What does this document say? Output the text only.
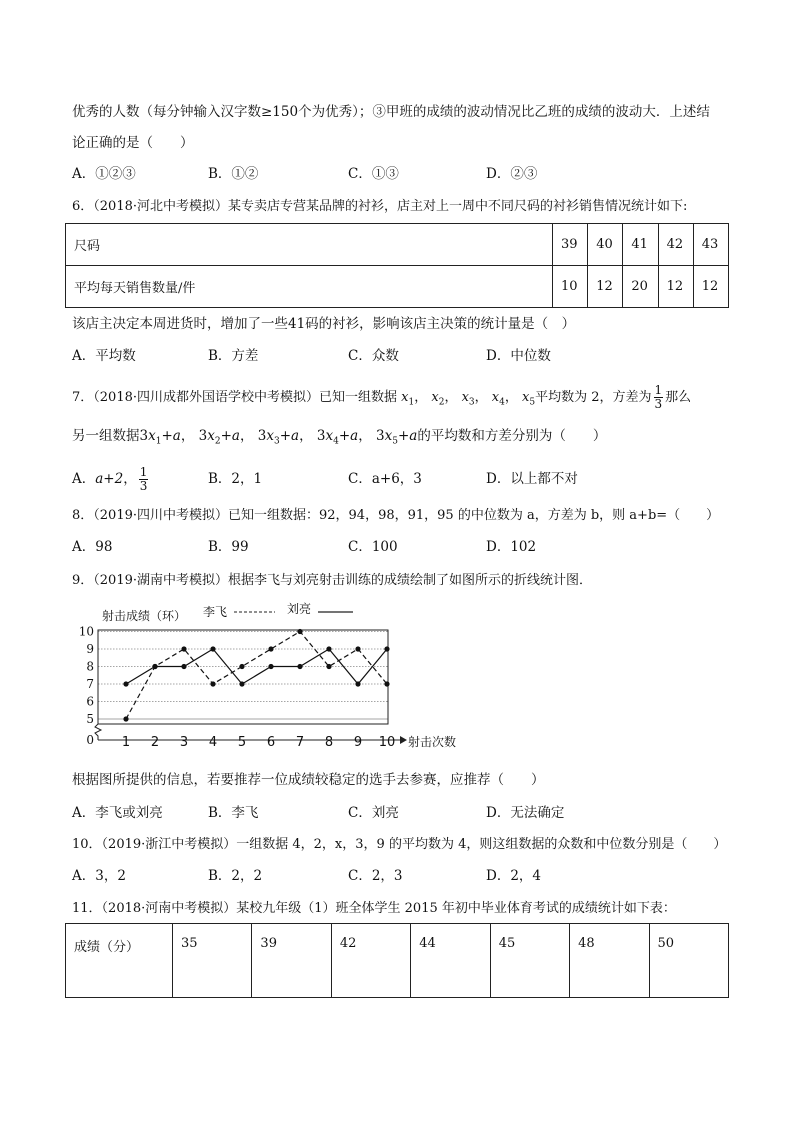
优秀的人数（每分钟输入汉字数≥150个为优秀）；③甲班的成绩的波动情况比乙班的成绩的波动大．上述结
论正确的是（　　）
A．①②③	B．①②	C．①③	D．②③
6．（2018·河北中考模拟）某专卖店专营某品牌的衬衫，店主对上一周中不同尺码的衬衫销售情况统计如下:
尺码	39	40	41	42	43
平均每天销售数量/件	10	12	20	12	12
该店主决定本周进货时，增加了一些41码的衬衫，影响该店主决策的统计量是（　）
A．平均数	B．方差	C．众数	D．中位数
7．（2018·四川成都外国语学校中考模拟）已知一组数据 $x_1$， $x_2$， $x_3$， $x_4$， $x_5$平均数为 2，方差为 $\frac{1}{3}$ 那么
另一组数据$3x_1+a$， $3x_2+a$， $3x_3+a$， $3x_4+a$， $3x_5+a$的平均数和方差分别为（　　）
A．a+2， $\frac{1}{3}$	B．2，1	C．a+6，3	D．以上都不对
8．（2019·四川中考模拟）已知一组数据：92，94，98，91，95 的中位数为 a，方差为 b，则 a+b=（　　）
A．98	B．99	C．100	D．102
9．（2019·湖南中考模拟）根据李飞与刘亮射击训练的成绩绘制了如图所示的折线统计图．
10
9
8
7
6
5
0 1 2 3 4 5 6 7 8 9 10
射击成绩（环）
射击次数
李飞	刘亮
根据图所提供的信息，若要推荐一位成绩较稳定的选手去参赛，应推荐（　　）
A．李飞或刘亮	B．李飞	C．刘亮	D．无法确定
10．（2019·浙江中考模拟）一组数据 4，2，x，3，9 的平均数为 4，则这组数据的众数和中位数分别是（　　）
A．3，2	B．2，2	C．2，3	D．2，4
11．（2018·河南中考模拟）某校九年级（1）班全体学生 2015 年初中毕业体育考试的成绩统计如下表：
成绩（分）	35	39	42	44	45	48	50
